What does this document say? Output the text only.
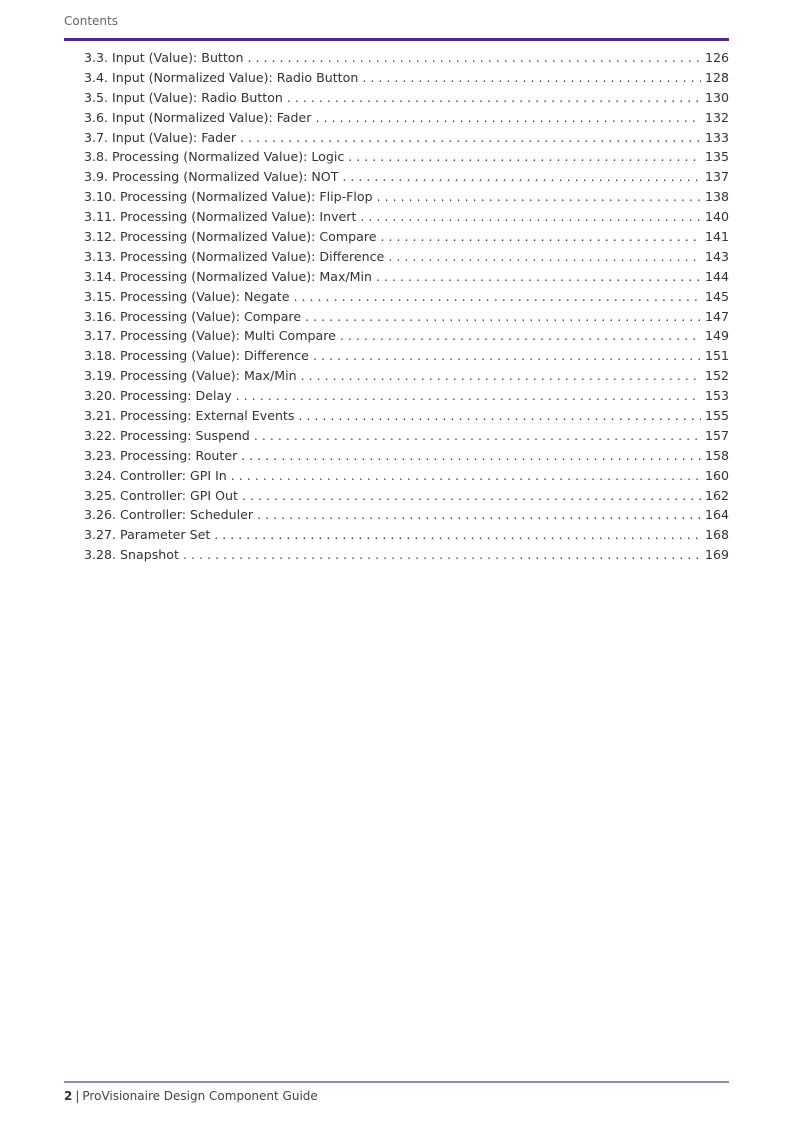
Contents
3.3. Input (Value): Button . . .	126
3.4. Input (Normalized Value): Radio Button . . .	128
3.5. Input (Value): Radio Button . . .	130
3.6. Input (Normalized Value): Fader . . .	132
3.7. Input (Value): Fader . . .	133
3.8. Processing (Normalized Value): Logic . . .	135
3.9. Processing (Normalized Value): NOT . . .	137
3.10. Processing (Normalized Value): Flip-Flop . . .	138
3.11. Processing (Normalized Value): Invert . . .	140
3.12. Processing (Normalized Value): Compare . . .	141
3.13. Processing (Normalized Value): Difference . . .	143
3.14. Processing (Normalized Value): Max/Min . . .	144
3.15. Processing (Value): Negate . . .	145
3.16. Processing (Value): Compare . . .	147
3.17. Processing (Value): Multi Compare . . .	149
3.18. Processing (Value): Difference . . .	151
3.19. Processing (Value): Max/Min . . .	152
3.20. Processing: Delay . . .	153
3.21. Processing: External Events . . .	155
3.22. Processing: Suspend . . .	157
3.23. Processing: Router . . .	158
3.24. Controller: GPI In . . .	160
3.25. Controller: GPI Out . . .	162
3.26. Controller: Scheduler . . .	164
3.27. Parameter Set . . .	168
3.28. Snapshot . . .	169
2 | ProVisionaire Design Component Guide
